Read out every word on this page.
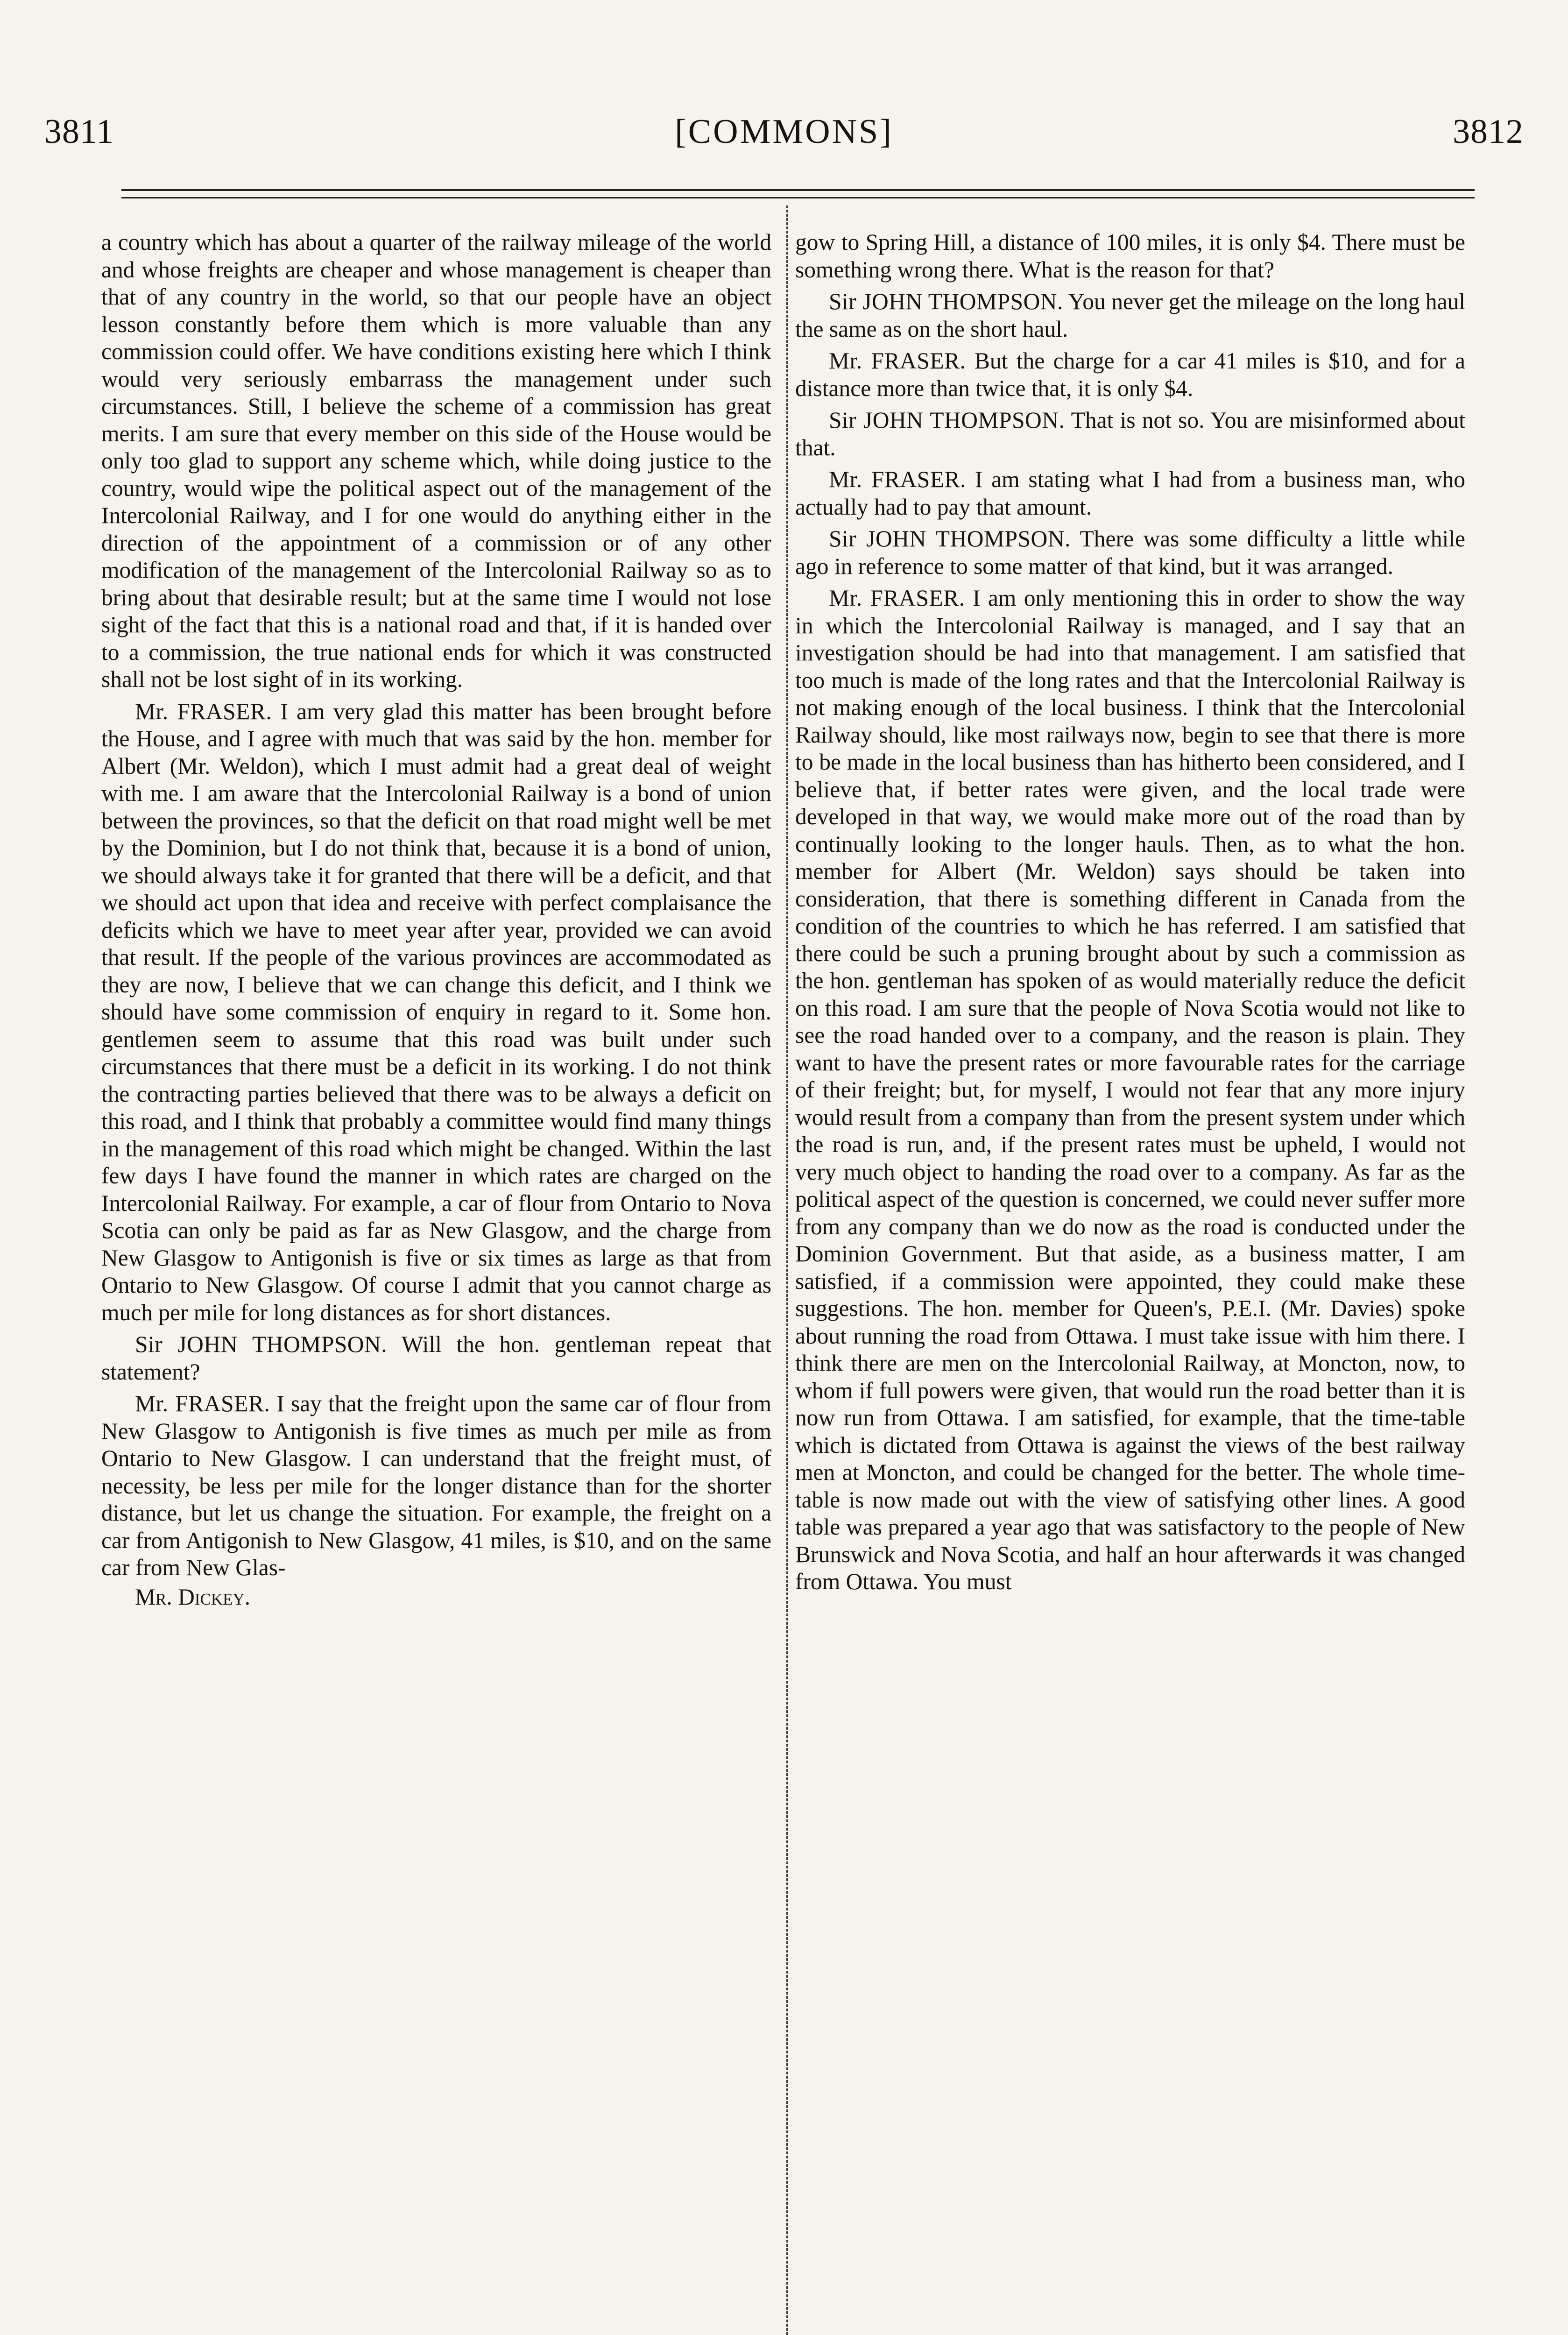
3811	[COMMONS]	3812

a country which has about a quarter of the railway mileage of the world and whose freights are cheaper and whose management is cheaper than that of any country in the world, so that our people have an object lesson constantly before them which is more valuable than any commission could offer. We have conditions existing here which I think would very seriously embarrass the management under such circumstances. Still, I believe the scheme of a commission has great merits. I am sure that every member on this side of the House would be only too glad to support any scheme which, while doing justice to the country, would wipe the political aspect out of the management of the Intercolonial Railway, and I for one would do anything either in the direction of the appointment of a commission or of any other modification of the management of the Intercolonial Railway so as to bring about that desirable result; but at the same time I would not lose sight of the fact that this is a national road and that, if it is handed over to a commission, the true national ends for which it was constructed shall not be lost sight of in its working.

Mr. FRASER. I am very glad this matter has been brought before the House, and I agree with much that was said by the hon. member for Albert (Mr. Weldon), which I must admit had a great deal of weight with me. I am aware that the Intercolonial Railway is a bond of union between the provinces, so that the deficit on that road might well be met by the Dominion, but I do not think that, because it is a bond of union, we should always take it for granted that there will be a deficit, and that we should act upon that idea and receive with perfect complaisance the deficits which we have to meet year after year, provided we can avoid that result. If the people of the various provinces are accommodated as they are now, I believe that we can change this deficit, and I think we should have some commission of enquiry in regard to it. Some hon. gentlemen seem to assume that this road was built under such circumstances that there must be a deficit in its working. I do not think the contracting parties believed that there was to be always a deficit on this road, and I think that probably a committee would find many things in the management of this road which might be changed. Within the last few days I have found the manner in which rates are charged on the Intercolonial Railway. For example, a car of flour from Ontario to Nova Scotia can only be paid as far as New Glasgow, and the charge from New Glasgow to Antigonish is five or six times as large as that from Ontario to New Glasgow. Of course I admit that you cannot charge as much per mile for long distances as for short distances.

Sir JOHN THOMPSON. Will the hon. gentleman repeat that statement?

Mr. FRASER. I say that the freight upon the same car of flour from New Glasgow to Antigonish is five times as much per mile as from Ontario to New Glasgow. I can understand that the freight must, of necessity, be less per mile for the longer distance than for the shorter distance, but let us change the situation. For example, the freight on a car from Antigonish to New Glasgow, 41 miles, is $10, and on the same car from New Glas-

Mr. Dickey.

gow to Spring Hill, a distance of 100 miles, it is only $4. There must be something wrong there. What is the reason for that?

Sir JOHN THOMPSON. You never get the mileage on the long haul the same as on the short haul.

Mr. FRASER. But the charge for a car 41 miles is $10, and for a distance more than twice that, it is only $4.

Sir JOHN THOMPSON. That is not so. You are misinformed about that.

Mr. FRASER. I am stating what I had from a business man, who actually had to pay that amount.

Sir JOHN THOMPSON. There was some difficulty a little while ago in reference to some matter of that kind, but it was arranged.

Mr. FRASER. I am only mentioning this in order to show the way in which the Intercolonial Railway is managed, and I say that an investigation should be had into that management. I am satisfied that too much is made of the long rates and that the Intercolonial Railway is not making enough of the local business. I think that the Intercolonial Railway should, like most railways now, begin to see that there is more to be made in the local business than has hitherto been considered, and I believe that, if better rates were given, and the local trade were developed in that way, we would make more out of the road than by continually looking to the longer hauls. Then, as to what the hon. member for Albert (Mr. Weldon) says should be taken into consideration, that there is something different in Canada from the condition of the countries to which he has referred. I am satisfied that there could be such a pruning brought about by such a commission as the hon. gentleman has spoken of as would materially reduce the deficit on this road. I am sure that the people of Nova Scotia would not like to see the road handed over to a company, and the reason is plain. They want to have the present rates or more favourable rates for the carriage of their freight; but, for myself, I would not fear that any more injury would result from a company than from the present system under which the road is run, and, if the present rates must be upheld, I would not very much object to handing the road over to a company. As far as the political aspect of the question is concerned, we could never suffer more from any company than we do now as the road is conducted under the Dominion Government. But that aside, as a business matter, I am satisfied, if a commission were appointed, they could make these suggestions. The hon. member for Queen's, P.E.I. (Mr. Davies) spoke about running the road from Ottawa. I must take issue with him there. I think there are men on the Intercolonial Railway, at Moncton, now, to whom if full powers were given, that would run the road better than it is now run from Ottawa. I am satisfied, for example, that the time-table which is dictated from Ottawa is against the views of the best railway men at Moncton, and could be changed for the better. The whole time-table is now made out with the view of satisfying other lines. A good table was prepared a year ago that was satisfactory to the people of New Brunswick and Nova Scotia, and half an hour afterwards it was changed from Ottawa. You must
